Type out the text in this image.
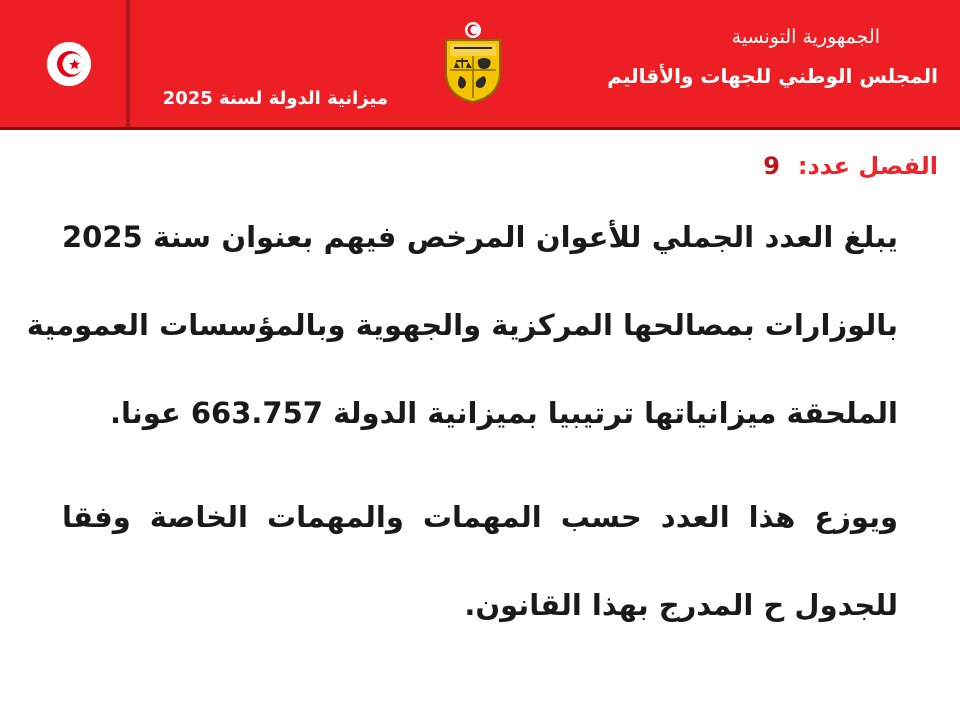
الجمهورية التونسية
المجلس الوطني للجهات والأقاليم
ميزانية الدولة لسنة 2025
الفصل عدد:9
يبلغ العدد الجملي للأعوان المرخص فيهم بعنوان سنة 2025
بالوزارات بمصالحها المركزية والجهوية وبالمؤسسات العمومية
الملحقة ميزانياتها ترتيبيا بميزانية الدولة 663.757 عونا.
ويوزع هذا العدد حسب المهمات والمهمات الخاصة وفقا
للجدول ح المدرج بهذا القانون.
